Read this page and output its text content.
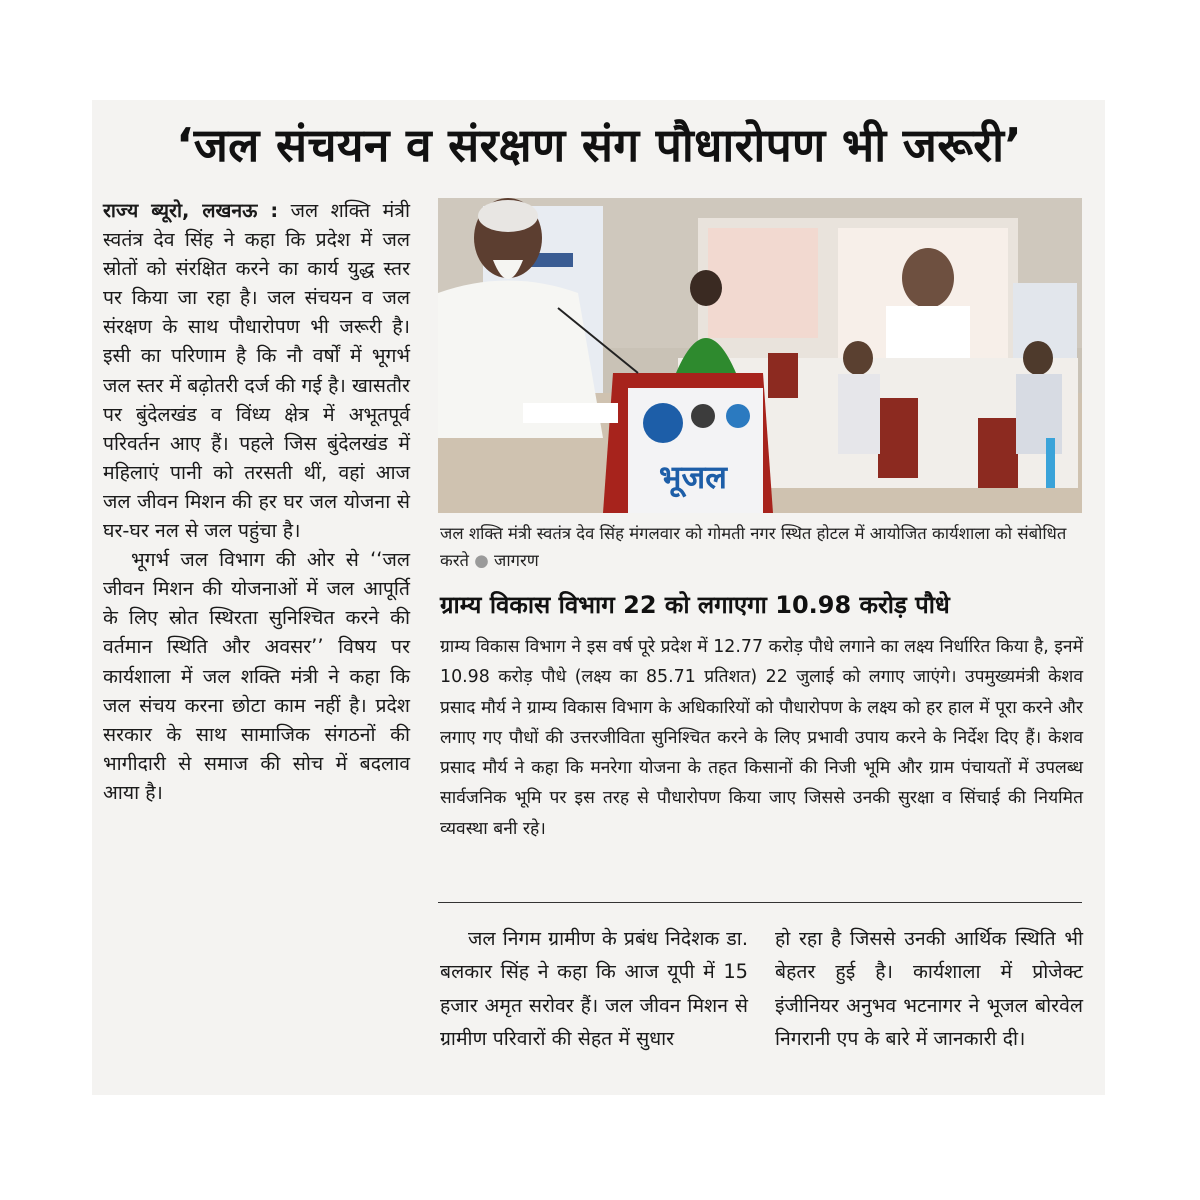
‘जल संचयन व संरक्षण संग पौधारोपण भी जरूरी’

राज्य ब्यूरो, लखनऊ : जल शक्ति मंत्री स्वतंत्र देव सिंह ने कहा कि प्रदेश में जल स्रोतों को संरक्षित करने का कार्य युद्ध स्तर पर किया जा रहा है। जल संचयन व जल संरक्षण के साथ पौधारोपण भी जरूरी है। इसी का परिणाम है कि नौ वर्षों में भूगर्भ जल स्तर में बढ़ोतरी दर्ज की गई है। खासतौर पर बुंदेलखंड व विंध्य क्षेत्र में अभूतपूर्व परिवर्तन आए हैं। पहले जिस बुंदेलखंड में महिलाएं पानी को तरसती थीं, वहां आज जल जीवन मिशन की हर घर जल योजना से घर-घर नल से जल पहुंचा है।

भूगर्भ जल विभाग की ओर से ‘‘जल जीवन मिशन की योजनाओं में जल आपूर्ति के लिए स्रोत स्थिरता सुनिश्चित करने की वर्तमान स्थिति और अवसर’’ विषय पर कार्यशाला में जल शक्ति मंत्री ने कहा कि जल संचय करना छोटा काम नहीं है। प्रदेश सरकार के साथ सामाजिक संगठनों की भागीदारी से समाज की सोच में बदलाव आया है।

भूजल
जल शक्ति मंत्री स्वतंत्र देव सिंह मंगलवार को गोमती नगर स्थित होटल में आयोजित कार्यशाला को संबोधित करते ● जागरण
ग्राम्य विकास विभाग 22 को लगाएगा 10.98 करोड़ पौधे

ग्राम्य विकास विभाग ने इस वर्ष पूरे प्रदेश में 12.77 करोड़ पौधे लगाने का लक्ष्य निर्धारित किया है, इनमें 10.98 करोड़ पौधे (लक्ष्य का 85.71 प्रतिशत) 22 जुलाई को लगाए जाएंगे। उपमुख्यमंत्री केशव प्रसाद मौर्य ने ग्राम्य विकास विभाग के अधिकारियों को पौधारोपण के लक्ष्य को हर हाल में पूरा करने और लगाए गए पौधों की उत्तरजीविता सुनिश्चित करने के लिए प्रभावी उपाय करने के निर्देश दिए हैं। केशव प्रसाद मौर्य ने कहा कि मनरेगा योजना के तहत किसानों की निजी भूमि और ग्राम पंचायतों में उपलब्ध सार्वजनिक भूमि पर इस तरह से पौधारोपण किया जाए जिससे उनकी सुरक्षा व सिंचाई की नियमित व्यवस्था बनी रहे।

जल निगम ग्रामीण के प्रबंध निदेशक डा. बलकार सिंह ने कहा कि आज यूपी में 15 हजार अमृत सरोवर हैं। जल जीवन मिशन से ग्रामीण परिवारों की सेहत में सुधार

हो रहा है जिससे उनकी आर्थिक स्थिति भी बेहतर हुई है। कार्यशाला में प्रोजेक्ट इंजीनियर अनुभव भटनागर ने भूजल बोरवेल निगरानी एप के बारे में जानकारी दी।
